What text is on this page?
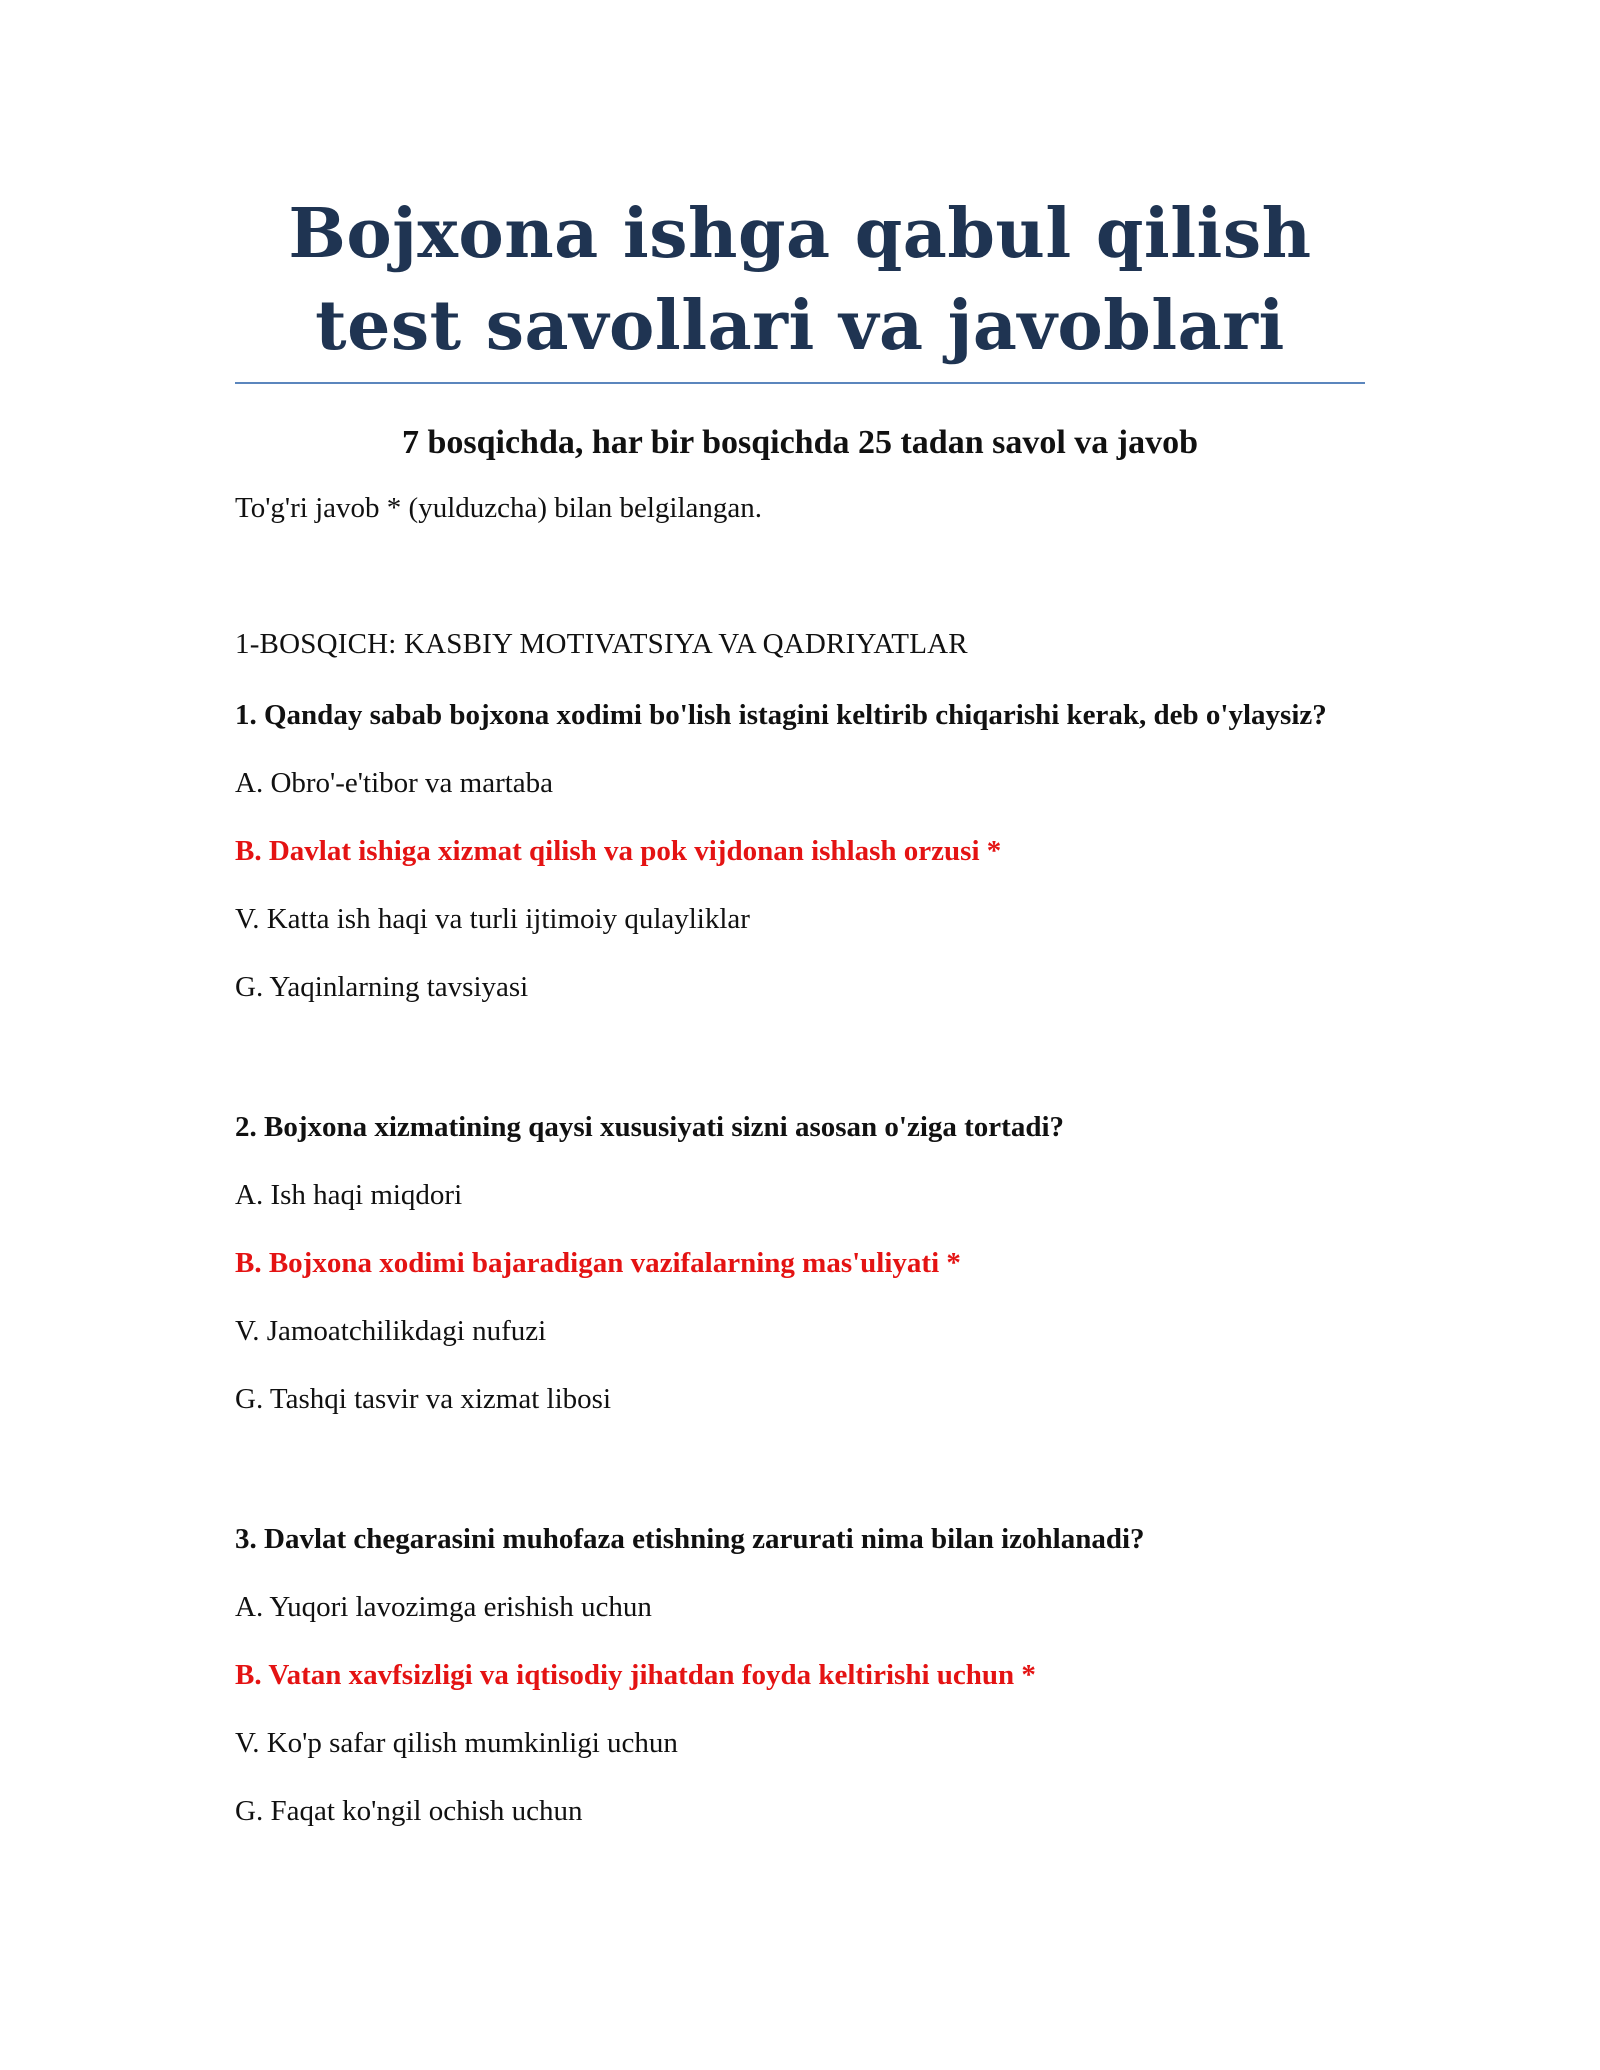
Bojxona ishga qabul qilish test savollari va javoblari
7 bosqichda, har bir bosqichda 25 tadan savol va javob
To'g'ri javob * (yulduzcha) bilan belgilangan.
1-BOSQICH: KASBIY MOTIVATSIYA VA QADRIYATLAR
1. Qanday sabab bojxona xodimi bo'lish istagini keltirib chiqarishi kerak, deb o'ylaysiz?
A. Obro'-e'tibor va martaba
B. Davlat ishiga xizmat qilish va pok vijdonan ishlash orzusi *
V. Katta ish haqi va turli ijtimoiy qulayliklar
G. Yaqinlarning tavsiyasi
2. Bojxona xizmatining qaysi xususiyati sizni asosan o'ziga tortadi?
A. Ish haqi miqdori
B. Bojxona xodimi bajaradigan vazifalarning mas'uliyati *
V. Jamoatchilikdagi nufuzi
G. Tashqi tasvir va xizmat libosi
3. Davlat chegarasini muhofaza etishning zarurati nima bilan izohlanadi?
A. Yuqori lavozimga erishish uchun
B. Vatan xavfsizligi va iqtisodiy jihatdan foyda keltirishi uchun *
V. Ko'p safar qilish mumkinligi uchun
G. Faqat ko'ngil ochish uchun
